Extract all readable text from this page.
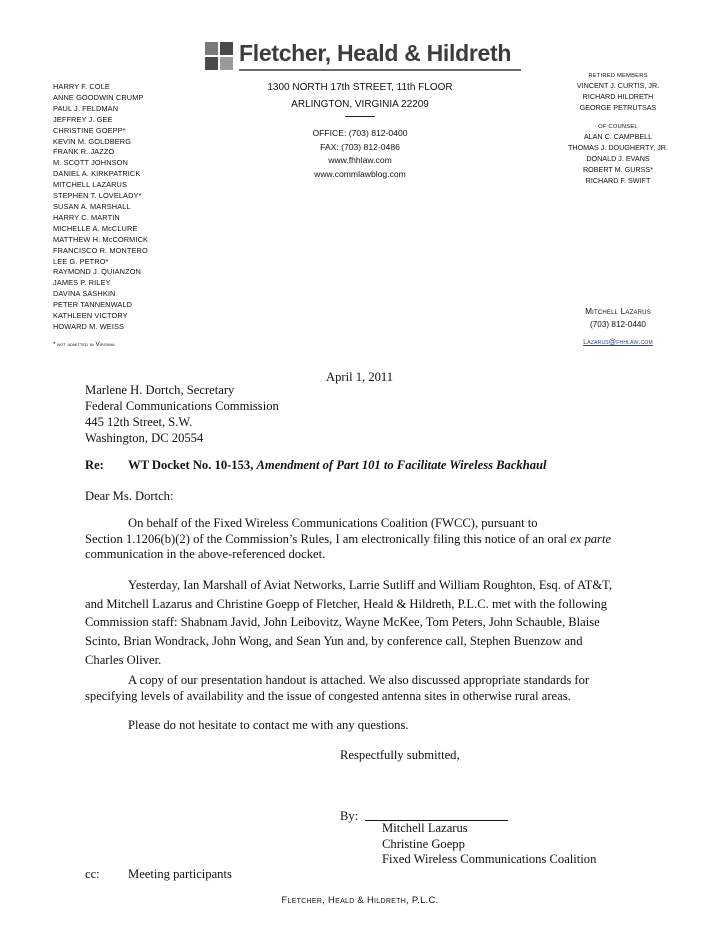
Fletcher, Heald & Hildreth
HARRY F. COLE
ANNE GOODWIN CRUMP
PAUL J. FELDMAN
JEFFREY J. GEE
CHRISTINE GOEPP*
KEVIN M. GOLDBERG
FRANK R. JAZZO
M. SCOTT JOHNSON
DANIEL A. KIRKPATRICK
MITCHELL LAZARUS
STEPHEN T. LOVELADY*
SUSAN A. MARSHALL
HARRY C. MARTIN
MICHELLE A. McCLURE
MATTHEW H. McCORMICK
FRANCISCO R. MONTERO
LEE G. PETRO*
RAYMOND J. QUIANZON
JAMES P. RILEY
DAVINA SASHKIN
PETER TANNENWALD
KATHLEEN VICTORY
HOWARD M. WEISS
* not admitted in Virginia
1300 NORTH 17th STREET, 11th FLOOR
ARLINGTON, VIRGINIA 22209
OFFICE: (703) 812-0400
FAX: (703) 812-0486
www.fhhlaw.com
www.commlawblog.com
RETIRED MEMBERS
VINCENT J. CURTIS, JR.
RICHARD HILDRETH
GEORGE PETRUTSAS
OF COUNSEL
ALAN C. CAMPBELL
THOMAS J. DOUGHERTY, JR.
DONALD J. EVANS
ROBERT M. GURSS*
RICHARD F. SWIFT
Mitchell Lazarus
(703) 812-0440
Lazarus@fhhlaw.com
April 1, 2011
Marlene H. Dortch, Secretary
Federal Communications Commission
445 12th Street, S.W.
Washington, DC 20554
Re: WT Docket No. 10-153, Amendment of Part 101 to Facilitate Wireless Backhaul
Dear Ms. Dortch:
On behalf of the Fixed Wireless Communications Coalition (FWCC), pursuant to
Section 1.1206(b)(2) of the Commission’s Rules, I am electronically filing this notice of an oral ex parte
communication in the above-referenced docket.
Yesterday, Ian Marshall of Aviat Networks, Larrie Sutliff and William Roughton, Esq. of AT&T,
and Mitchell Lazarus and Christine Goepp of Fletcher, Heald & Hildreth, P.L.C. met with the following
Commission staff: Shabnam Javid, John Leibovitz, Wayne McKee, Tom Peters, John Schauble, Blaise
Scinto, Brian Wondrack, John Wong, and Sean Yun and, by conference call, Stephen Buenzow and
Charles Oliver.
A copy of our presentation handout is attached. We also discussed appropriate standards for
specifying levels of availability and the issue of congested antenna sites in otherwise rural areas.
Please do not hesitate to contact me with any questions.
Respectfully submitted,
By:
Mitchell Lazarus
Christine Goepp
Fixed Wireless Communications Coalition
cc: Meeting participants
Fletcher, Heald & Hildreth, P.L.C.
